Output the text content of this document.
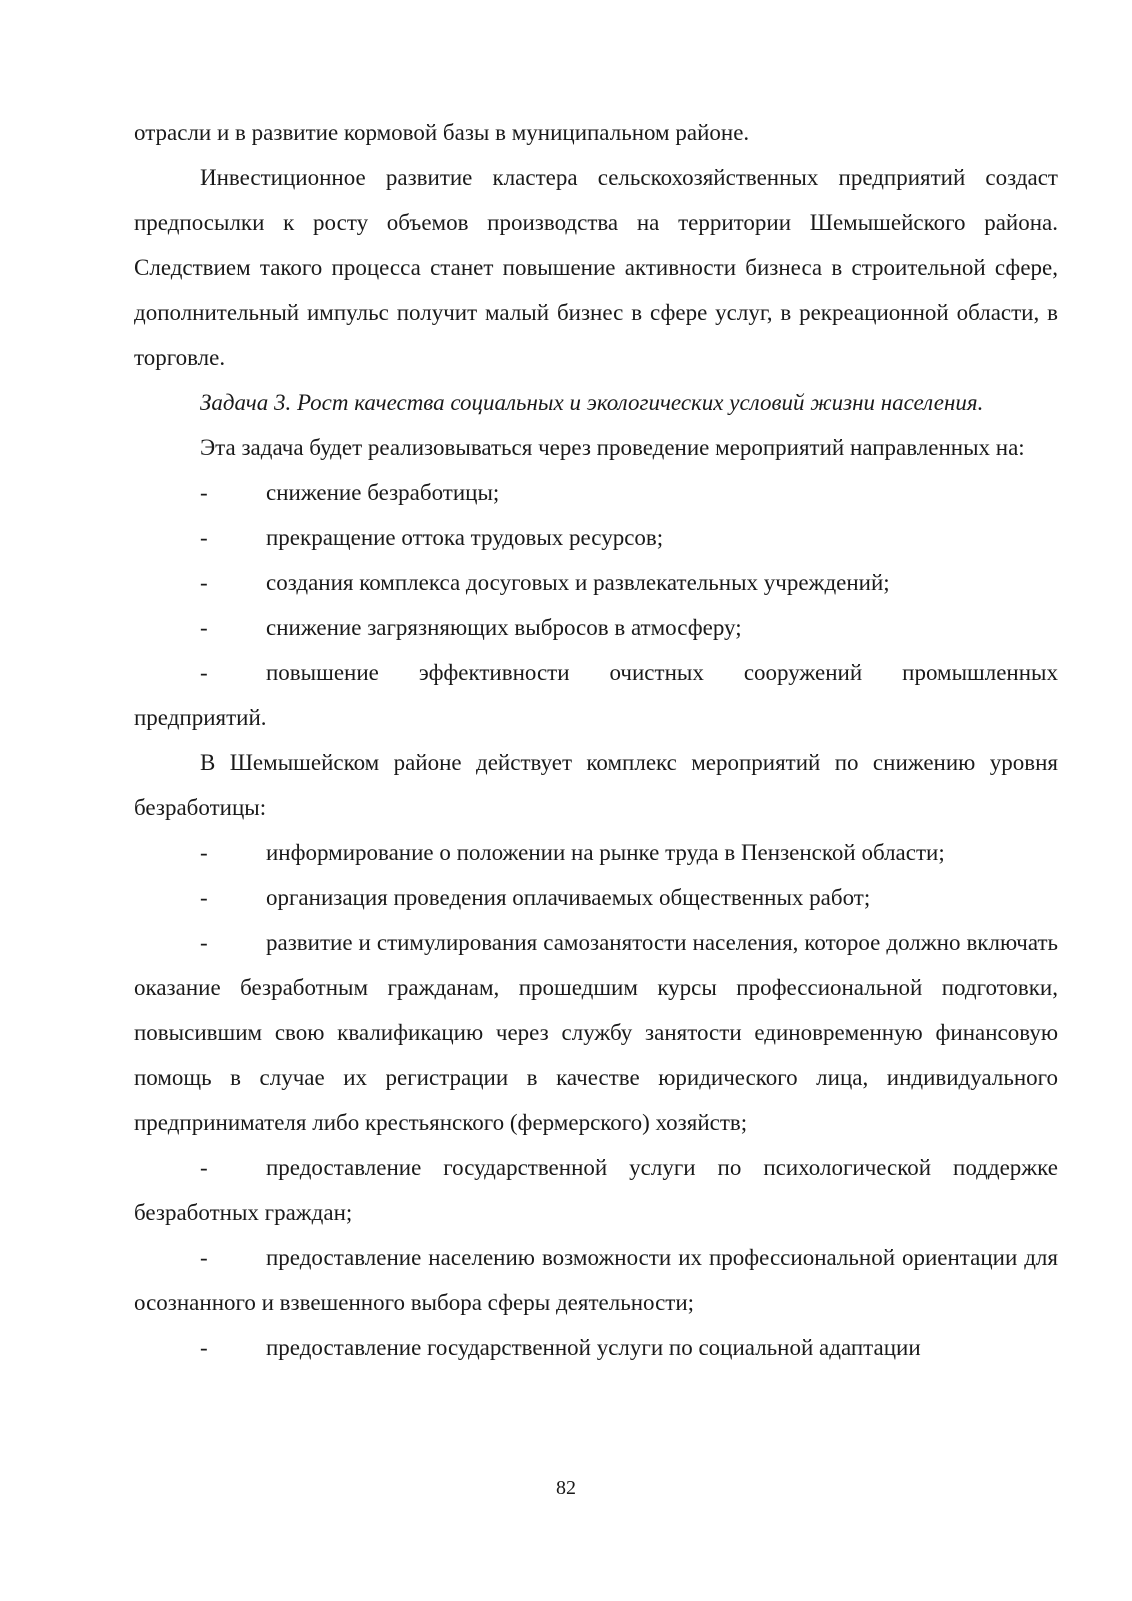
отрасли и в развитие кормовой базы в муниципальном районе.

Инвестиционное развитие кластера сельскохозяйственных предприятий создаст предпосылки к росту объемов производства на территории Шемышейского района. Следствием такого процесса станет повышение активности бизнеса в строительной сфере, дополнительный импульс получит малый бизнес в сфере услуг, в рекреационной области, в торговле.

Задача 3. Рост качества социальных и экологических условий жизни населения.

Эта задача будет реализовываться через проведение мероприятий направленных на:

-	снижение безработицы;

-	прекращение оттока трудовых ресурсов;

-	создания комплекса досуговых и развлекательных учреждений;

-	снижение загрязняющих выбросов в атмосферу;

-	повышение эффективности очистных сооружений промышленных предприятий.

В Шемышейском районе действует комплекс мероприятий по снижению уровня безработицы:

-	информирование о положении на рынке труда в Пензенской области;

-	организация проведения оплачиваемых общественных работ;

-	развитие и стимулирования самозанятости населения, которое должно включать оказание безработным гражданам, прошедшим курсы профессиональной подготовки, повысившим свою квалификацию через службу занятости единовременную финансовую помощь в случае их регистрации в качестве юридического лица, индивидуального предпринимателя либо крестьянского (фермерского) хозяйств;

-	предоставление государственной услуги по психологической поддержке безработных граждан;

-	предоставление населению возможности их профессиональной ориентации для осознанного и взвешенного выбора сферы деятельности;

-	предоставление государственной услуги по социальной адаптации

82
